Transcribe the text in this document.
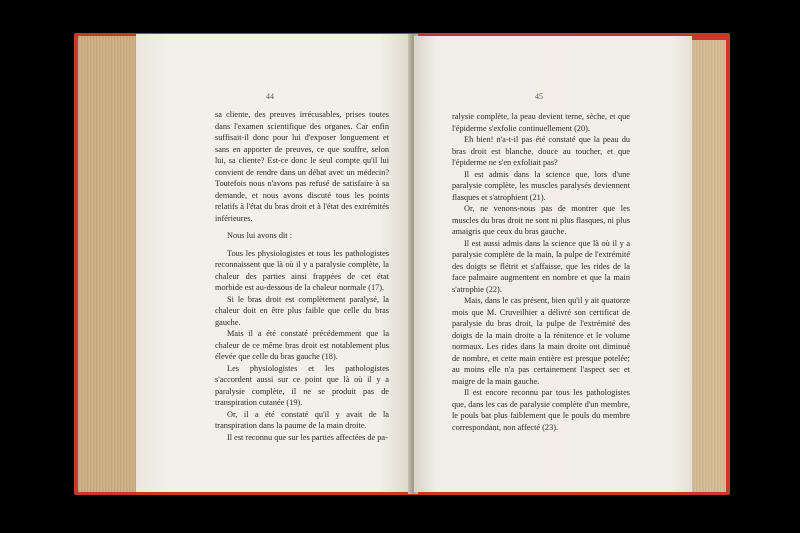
44

sa cliente, des preuves irrécusables, prises toutes dans l'examen scientifique des organes. Car enfin suffisait-il donc pour lui d'exposer longuement et sans en apporter de preuves, ce que souffre, selon lui, sa cliente? Est-ce donc le seul compte qu'il lui convient de rendre dans un débat avec un médecin? Toutefois nous n'avons pas refusé de satisfaire à sa demande, et nous avons discuté tous les points relatifs à l'état du bras droit et à l'état des extrémités inférieures.

Nous lui avons dit :

Tous les physiologistes et tous les pathologistes reconnaissent que là où il y a paralysie complète, la chaleur des parties ainsi frappées de cet état morbide est au-dessous de la chaleur normale (17).

Si le bras droit est complètement paralysé, la chaleur doit en être plus faible que celle du bras gauche.

Mais il a été constaté précédemment que la chaleur de ce même bras droit est notablement plus élevée que celle du bras gauche (18).

Les physiologistes et les pathologistes s'accordent aussi sur ce point que là où il y a paralysie complète, il ne se produit pas de transpiration cutanée (19).

Or, il a été constaté qu'il y avait de la transpiration dans la paume de la main droite.

Il est reconnu que sur les parties affectées de pa-

45

ralysie complète, la peau devient terne, sèche, et que l'épiderme s'exfolie continuellement (20).

Eh bien! n'a-t-il pas été constaté que la peau du bras droit est blanche, douce au toucher, et que l'épiderme ne s'en exfoliait pas?

Il est admis dans la science que, lors d'une paralysie complète, les muscles paralysés deviennent flasques et s'atrophient (21).

Or, ne venons-nous pas de montrer que les muscles du bras droit ne sont ni plus flasques, ni plus amaigris que ceux du bras gauche.

Il est aussi admis dans la science que là où il y a paralysie complète de la main, la pulpe de l'extrémité des doigts se flétrit et s'affaisse, que les rides de la face palmaire augmentent en nombre et que la main s'atrophie (22).

Mais, dans le cas présent, bien qu'il y ait quatorze mois que M. Cruveilhier a délivré son certificat de paralysie du bras droit, la pulpe de l'extrémité des doigts de la main droite a la rénitence et le volume normaux. Les rides dans la main droite ont diminué de nombre, et cette main entière est presque potelée; au moins elle n'a pas certainement l'aspect sec et maigre de la main gauche.

Il est encore reconnu par tous les pathologistes que, dans les cas de paralysie complète d'un membre, le pouls bat plus faiblement que le pouls du membre correspondant, non affecté (23).
